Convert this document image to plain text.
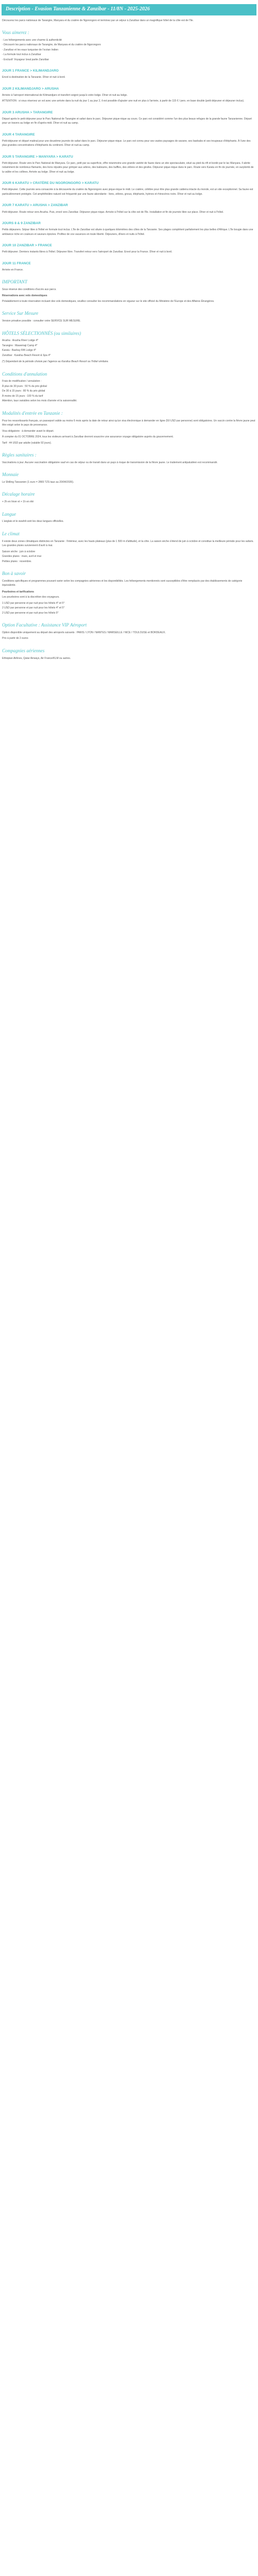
Description - Evasion Tanzanienne & Zanzibar - 11/8N - 2025-2026

Découvrez les parcs nationaux de Tarangire, Manyara et du cratère de Ngorongoro et terminez par un séjour à Zanzibar dans un magnifique hôtel de la côte est de l'île.

Vous aimerez :
- Les hébergements avec une charme & authenticité
- Découvrir les parcs nationaux de Tarangire, de Manyara et du cratère de Ngorongoro
- Zanzibar et les eaux turquoise de l'océan Indien
- La formule tout inclus à Zanzibar
- Exclusif: Voyageur Izeal partie Zanzibar
JOUR 1 FRANCE > KILIMANDJARO

Envol à destination de la Tanzanie. Dîner et nuit à bord.

JOUR 2 KILIMANDJARO > ARUSHA

Arrivée à l'aéroport international de Kilimandjaro et transfert soigné jusqu'à votre lodge. Dîner et nuit au lodge.

ATTENTION : si vous réservez un vol avec une arrivée dans la nuit du jour 1 au jour 2, il est possible d'ajouter une nuit en plus à l'arrivée, à partir de 115 € / pers. en base double (petit déjeuner et déjeuner inclus).

JOUR 3 ARUSHA > TARANGIRE

Départ après le petit déjeuner pour le Parc National de Tarangire et safari dans le parc. Déjeuner pique-nique au cours. Ce parc est considéré comme l'un des plus beaux refuges de la grande faune Tanzanienne. Départ pour un travers au lodge en fin d'après-midi. Dîner et nuit au camp.

JOUR 4 TARANGIRE

Petit-déjeuner et départ matinal pour une deuxième journée de safari dans le parc. Déjeuner pique-nique. Le parc est connu pour ses vastes paysages de savane, ses baobabs et ses troupeaux d'éléphants. À l'une des plus grandes concentrations d'éléphants du continent. Dîner et nuit au camp.

JOUR 5 TARANGIRE > MANYARA > KARATU

Petit déjeuner. Route vers le Parc National de Manyara. Ce parc, petit par sa superficie, offre néanmoins une grande variété de faune dans un site spectaculaire, situé au pied du rift et bordé par le lac Manyara. Il abrite notamment de nombreux flamants, des lions réputés pour grimper aux arbres, des babouins, des buffles, des zèbres et des girafes. Déjeuner pique-nique dans le parc. Route vers Karatu en fin de journée, en surplomb de la vallée et les collines. Arrivée au lodge. Dîner et nuit au lodge.

JOUR 6 KARATU > CRATÈRE DU NGORONGORO > KARATU

Petit déjeuner. Cette journée sera consacrée à la découverte du cratère du Ngorongoro avec pique-nique le midi. Le cratère, célèbre pour être plus grande caldeira intacte du monde, est un site exceptionnel. Sa faune est particulièrement protégée. Cet amphithéâtre naturel est fréquenté par une faune abondante : lions, zèbres, gnous, éléphants, hyènes et rhinocéros noirs. Dîner et nuit au lodge.

JOUR 7 KARATU > ARUSHA > ZANZIBAR

Petit déjeuner. Route retour vers Arusha. Puis, envol vers Zanzibar. Déjeuner pique-nique. Arrivée à l'hôtel sur la côte est de l'île. Installation et fin de journée libre sur place. Dîner et nuit à l'hôtel.

JOURS 8 & 9 ZANZIBAR

Petits déjeuners. Séjour libre à l'hôtel en formule tout inclus. L'île de Zanzibar est située à quelques kilomètres des côtes de la Tanzanie. Ses plages complètent parfaitement les plus belles d'Afrique. L'île bougie dans une ambiance riche en couleurs et saveurs épicées. Profitez de vos vacances en toute liberté. Déjeuners, dîners et nuits à l'hôtel.

JOUR 10 ZANZIBAR > FRANCE

Petit déjeuner. Derniers instants libres à l'hôtel. Déjeuner libre. Transfert retour vers l'aéroport de Zanzibar. Envol pour la France. Dîner et nuit à bord.

JOUR 11 FRANCE

Arrivée en France.

IMPORTANT

Sous réserve des conditions d'accès aux parcs.

Réservations avec vols domestiques

Préalablement à toute réservation incluant des vols domestiques, veuillez consulter les recommandations en vigueur sur le site officiel du Ministère de l'Europe et des Affaires Étrangères.

Service Sur Mesure

Version privative possible : consulter votre SERVICE SUR MESURE.

HÔTELS SÉLECTIONNÉS (ou similaires)
Arusha : Arusha River Lodge 4*
Tarangire : Mawemaji Camp 4*
Karatu : Bashay Rift Lodge 4*
Zanzibar : Karafuu Beach Resort & Spa 4*

(*) Dépendant de la période choisie par l'agence au Karafuu Beach Resort ou l'hôtel similaire.

Conditions d'annulation
Frais de modification / annulation :
À plus de 30 jours : 50 % du prix global
De 30 à 15 jours : 80 % du prix global
À moins de 15 jours : 100 % du tarif
Attention, taux variables selon les mois d'année et la saisonnalité.
Modalités d'entrée en Tanzanie :

Pour les ressortissants français, un passeport valide au moins 6 mois après la date de retour ainsi qu'un visa électronique à demander en ligne (50 USD par personne) sont obligatoires. Un vaccin contre la fièvre jaune peut être exigé selon le pays de provenance.

Visa obligatoire : à demander avant le départ.

À compter du 01 OCTOBRE 2024, tous les visiteurs arrivant à Zanzibar devront souscrire une assurance voyage obligatoire auprès du gouvernement.

Tarif : 44 USD par adulte (valable 92 jours).

Règles sanitaires :

Vaccinations à jour. Aucune vaccination obligatoire sauf en cas de séjour ou de transit dans un pays à risque de transmission de la fièvre jaune. Le traitement antipaludéen est recommandé.

Monnaie

Le Shilling Tanzanien (1 euro = 2865 TZS taux au 20/04/2026).

Décalage horaire

+ 2h en hiver et + 1h en été

Langue

L'anglais et le swahili sont les deux langues officielles.

Le climat

Il existe deux zones climatiques distinctes en Tanzanie : l'intérieur, avec les hauts plateaux (plus de 1 500 m d'altitude), et la côte. La saison sèche s'étend de juin à octobre et constitue la meilleure période pour les safaris. Les grandes pluies surviennent d'avril à mai.

Saison sèche : juin à octobre
Grandes pluies : mars, avril et mai
Petites pluies : novembre.
Bon à savoir

Conditions spécifiques et programmes pouvant varier selon les compagnies aériennes et les disponibilités. Les hébergements mentionnés sont susceptibles d'être remplacés par des établissements de catégorie équivalente.

Pourboires et tarifications

Les pourboires sont à la discrétion des voyageurs.

1 USD par personne et par nuit pour les hôtels 4* et 5*
2 USD par personne et par nuit pour les hôtels 4* et 5*
2 USD par personne et par nuit pour les hôtels 5*
Option Facultative : Assistance VIP Aéroport

Option disponible uniquement au départ des aéroports suivants : PARIS / LYON / NANTES / MARSEILLE / NICE / TOULOUSE et BORDEAUX.

Prix à partir de 2 euros

Compagnies aériennes

Ethiopian Airlines, Qatar Airways, Air France/KLM ou autres.
